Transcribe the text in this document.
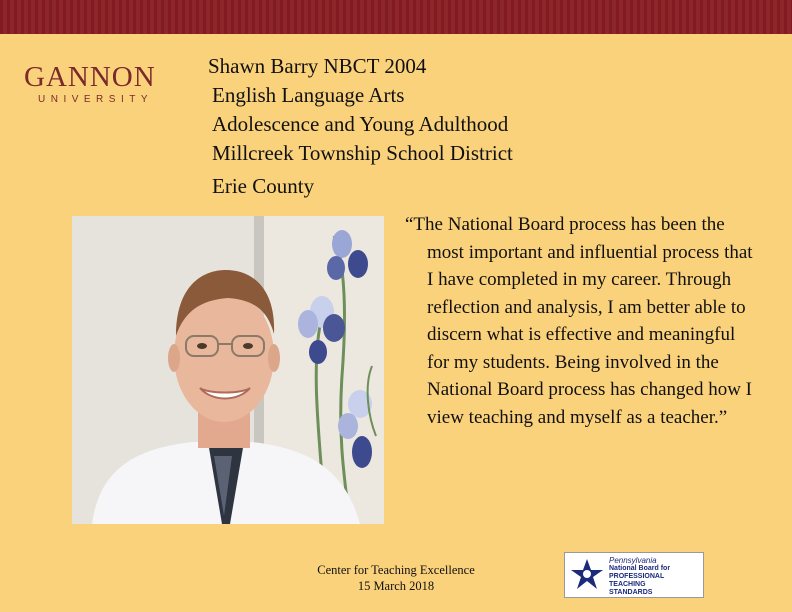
GANNON
UNIVERSITY
Shawn Barry NBCT 2004
English Language Arts
Adolescence and Young Adulthood
Millcreek Township School District
Erie County
“The National Board process has been the most important and influential process that I have completed in my career. Through reflection and analysis, I am better able to discern what is effective and meaningful for my students. Being involved in the National Board process has changed how I view teaching and myself as a teacher.”
Center for Teaching Excellence
15 March 2018
Pennsylvania
National Board for
PROFESSIONAL
TEACHING
STANDARDS
